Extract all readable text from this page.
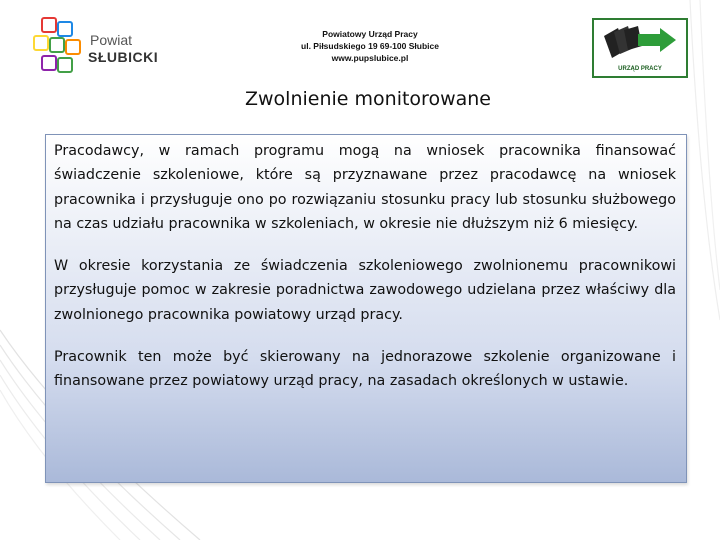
Powiat
SŁUBICKI
Powiatowy Urząd Pracy
ul. Piłsudskiego 19 69-100 Słubice
www.pupslubice.pl
URZĄD PRACY
Zwolnienie monitorowane

Pracodawcy, w ramach programu mogą na wniosek pracownika finansować świadczenie szkoleniowe, które są przyznawane przez pracodawcę na wniosek pracownika i przysługuje ono po rozwiązaniu stosunku pracy lub stosunku służbowego na czas udziału pracownika w szkoleniach, w okresie nie dłuższym niż 6 miesięcy.

W okresie korzystania ze świadczenia szkoleniowego zwolnionemu pracownikowi przysługuje pomoc w zakresie poradnictwa zawodowego udzielana przez właściwy dla zwolnionego pracownika powiatowy urząd pracy.

Pracownik ten może być skierowany na jednorazowe szkolenie organizowane i finansowane przez powiatowy urząd pracy, na zasadach określonych w ustawie.
